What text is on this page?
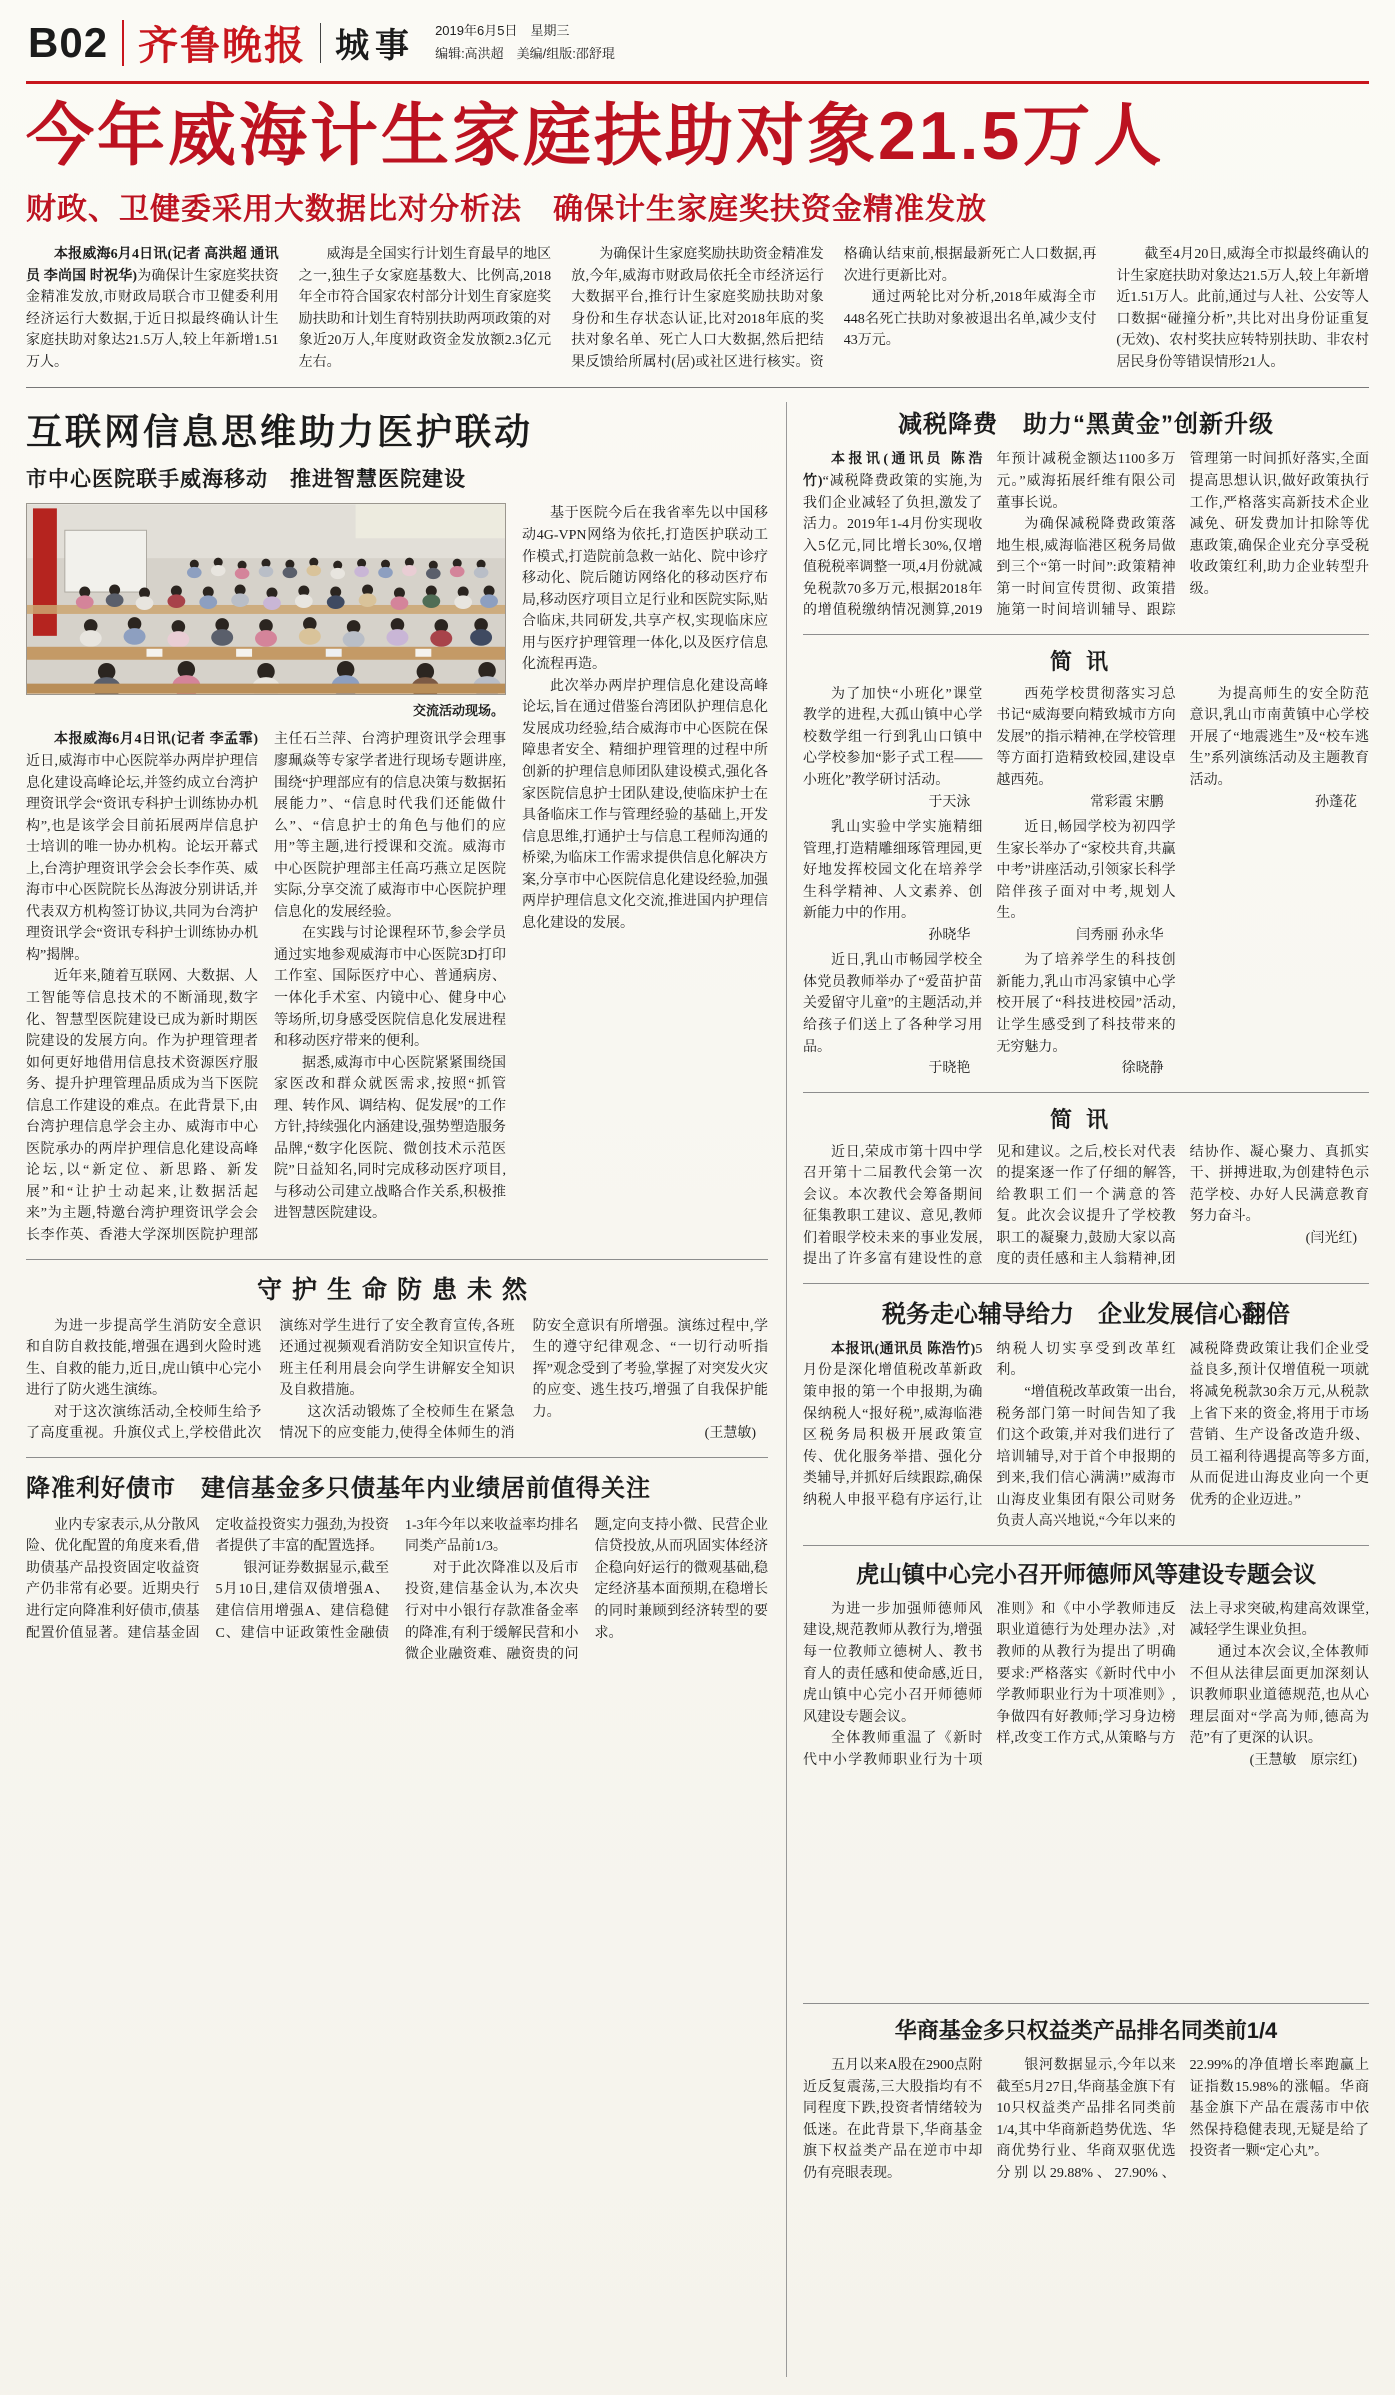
B02 齐鲁晚报 城事 2019年6月5日　星期三
编辑:高洪超　美编/组版:邵舒琨
今年威海计生家庭扶助对象21.5万人
财政、卫健委采用大数据比对分析法　确保计生家庭奖扶资金精准发放

本报威海6月4日讯(记者 高洪超 通讯员 李尚国 时祝华)为确保计生家庭奖扶资金精准发放,市财政局联合市卫健委利用经济运行大数据,于近日拟最终确认计生家庭扶助对象达21.5万人,较上年新增1.51万人。

威海是全国实行计划生育最早的地区之一,独生子女家庭基数大、比例高,2018年全市符合国家农村部分计划生育家庭奖励扶助和计划生育特别扶助两项政策的对象近20万人,年度财政资金发放额2.3亿元左右。

为确保计生家庭奖励扶助资金精准发放,今年,威海市财政局依托全市经济运行大数据平台,推行计生家庭奖励扶助对象身份和生存状态认证,比对2018年底的奖扶对象名单、死亡人口大数据,然后把结果反馈给所属村(居)或社区进行核实。资格确认结束前,根据最新死亡人口数据,再次进行更新比对。

通过两轮比对分析,2018年威海全市448名死亡扶助对象被退出名单,减少支付43万元。

截至4月20日,威海全市拟最终确认的计生家庭扶助对象达21.5万人,较上年新增近1.51万人。此前,通过与人社、公安等人口数据“碰撞分析”,共比对出身份证重复(无效)、农村奖扶应转特别扶助、非农村居民身份等错误情形21人。

互联网信息思维助力医护联动
市中心医院联手威海移动　推进智慧医院建设
交流活动现场。

本报威海6月4日讯(记者 李孟霏)近日,威海市中心医院举办两岸护理信息化建设高峰论坛,并签约成立台湾护理资讯学会“资讯专科护士训练协办机构”,也是该学会目前拓展两岸信息护士培训的唯一协办机构。论坛开幕式上,台湾护理资讯学会会长李作英、威海市中心医院院长丛海波分别讲话,并代表双方机构签订协议,共同为台湾护理资讯学会“资讯专科护士训练协办机构”揭牌。

近年来,随着互联网、大数据、人工智能等信息技术的不断涌现,数字化、智慧型医院建设已成为新时期医院建设的发展方向。作为护理管理者如何更好地借用信息技术资源医疗服务、提升护理管理品质成为当下医院信息工作建设的难点。在此背景下,由台湾护理信息学会主办、威海市中心医院承办的两岸护理信息化建设高峰论坛,以“新定位、新思路、新发展”和“让护士动起来,让数据活起来”为主题,特邀台湾护理资讯学会会长李作英、香港大学深圳医院护理部主任石兰萍、台湾护理资讯学会理事廖珮焱等专家学者进行现场专题讲座,围绕“护理部应有的信息决策与数据拓展能力”、“信息时代我们还能做什么”、“信息护士的角色与他们的应用”等主题,进行授课和交流。威海市中心医院护理部主任高巧燕立足医院实际,分享交流了威海市中心医院护理信息化的发展经验。

在实践与讨论课程环节,参会学员通过实地参观威海市中心医院3D打印工作室、国际医疗中心、普通病房、一体化手术室、内镜中心、健身中心等场所,切身感受医院信息化发展进程和移动医疗带来的便利。

据悉,威海市中心医院紧紧围绕国家医改和群众就医需求,按照“抓管理、转作风、调结构、促发展”的工作方针,持续强化内涵建设,强势塑造服务品牌,“数字化医院、微创技术示范医院”日益知名,同时完成移动医疗项目,与移动公司建立战略合作关系,积极推进智慧医院建设。

基于医院今后在我省率先以中国移动4G-VPN网络为依托,打造医护联动工作模式,打造院前急救一站化、院中诊疗移动化、院后随访网络化的移动医疗布局,移动医疗项目立足行业和医院实际,贴合临床,共同研发,共享产权,实现临床应用与医疗护理管理一体化,以及医疗信息化流程再造。

此次举办两岸护理信息化建设高峰论坛,旨在通过借鉴台湾团队护理信息化发展成功经验,结合威海市中心医院在保障患者安全、精细护理管理的过程中所创新的护理信息师团队建设模式,强化各家医院信息护士团队建设,使临床护士在具备临床工作与管理经验的基础上,开发信息思维,打通护士与信息工程师沟通的桥梁,为临床工作需求提供信息化解决方案,分享市中心医院信息化建设经验,加强两岸护理信息文化交流,推进国内护理信息化建设的发展。

守护生命防患未然

为进一步提高学生消防安全意识和自防自救技能,增强在遇到火险时逃生、自救的能力,近日,虎山镇中心完小进行了防火逃生演练。

对于这次演练活动,全校师生给予了高度重视。升旗仪式上,学校借此次演练对学生进行了安全教育宣传,各班还通过视频观看消防安全知识宣传片,班主任利用晨会向学生讲解安全知识及自救措施。

这次活动锻炼了全校师生在紧急情况下的应变能力,使得全体师生的消防安全意识有所增强。演练过程中,学生的遵守纪律观念、“一切行动听指挥”观念受到了考验,掌握了对突发火灾的应变、逃生技巧,增强了自我保护能力。

(王慧敏)
降准利好债市　建信基金多只债基年内业绩居前值得关注

业内专家表示,从分散风险、优化配置的角度来看,借助债基产品投资固定收益资产仍非常有必要。近期央行进行定向降准利好债市,债基配置价值显著。建信基金固定收益投资实力强劲,为投资者提供了丰富的配置选择。

银河证券数据显示,截至5月10日,建信双债增强A、建信信用增强A、建信稳健C、建信中证政策性金融债1-3年今年以来收益率均排名同类产品前1/3。

对于此次降准以及后市投资,建信基金认为,本次央行对中小银行存款准备金率的降准,有利于缓解民营和小微企业融资难、融资贵的问题,定向支持小微、民营企业信贷投放,从而巩固实体经济企稳向好运行的微观基础,稳定经济基本面预期,在稳增长的同时兼顾到经济转型的要求。

减税降费　助力“黑黄金”创新升级

本报讯(通讯员 陈浩竹)“减税降费政策的实施,为我们企业减轻了负担,激发了活力。2019年1-4月份实现收入5亿元,同比增长30%,仅增值税税率调整一项,4月份就减免税款70多万元,根据2018年的增值税缴纳情况测算,2019年预计减税金额达1100多万元。”威海拓展纤维有限公司董事长说。

为确保减税降费政策落地生根,威海临港区税务局做到三个“第一时间”:政策精神第一时间宣传贯彻、政策措施第一时间培训辅导、跟踪管理第一时间抓好落实,全面提高思想认识,做好政策执行工作,严格落实高新技术企业减免、研发费加计扣除等优惠政策,确保企业充分享受税收政策红利,助力企业转型升级。

简讯

为了加快“小班化”课堂教学的进程,大孤山镇中心学校数学组一行到乳山口镇中心学校参加“影子式工程——小班化”教学研讨活动。

于天泳

乳山实验中学实施精细管理,打造精雕细琢管理园,更好地发挥校园文化在培养学生科学精神、人文素养、创新能力中的作用。

孙晓华

近日,乳山市畅园学校全体党员教师举办了“爱苗护苗关爱留守儿童”的主题活动,并给孩子们送上了各种学习用品。

于晓艳

西苑学校贯彻落实习总书记“威海要向精致城市方向发展”的指示精神,在学校管理等方面打造精致校园,建设卓越西苑。

常彩霞 宋鹏

近日,畅园学校为初四学生家长举办了“家校共育,共赢中考”讲座活动,引领家长科学陪伴孩子面对中考,规划人生。

闫秀丽 孙永华

为了培养学生的科技创新能力,乳山市冯家镇中心学校开展了“科技进校园”活动,让学生感受到了科技带来的无穷魅力。

徐晓静

为提高师生的安全防范意识,乳山市南黄镇中心学校开展了“地震逃生”及“校车逃生”系列演练活动及主题教育活动。

孙蓬花
简讯

近日,荣成市第十四中学召开第十二届教代会第一次会议。本次教代会筹备期间征集教职工建议、意见,教师们着眼学校未来的事业发展,提出了许多富有建设性的意见和建议。之后,校长对代表的提案逐一作了仔细的解答,给教职工们一个满意的答复。此次会议提升了学校教职工的凝聚力,鼓励大家以高度的责任感和主人翁精神,团结协作、凝心聚力、真抓实干、拼搏进取,为创建特色示范学校、办好人民满意教育努力奋斗。

(闫光红)
税务走心辅导给力　企业发展信心翻倍

本报讯(通讯员 陈浩竹)5月份是深化增值税改革新政策申报的第一个申报期,为确保纳税人“报好税”,威海临港区税务局积极开展政策宣传、优化服务举措、强化分类辅导,并抓好后续跟踪,确保纳税人申报平稳有序运行,让纳税人切实享受到改革红利。

“增值税改革政策一出台,税务部门第一时间告知了我们这个政策,并对我们进行了培训辅导,对于首个申报期的到来,我们信心满满!”威海市山海皮业集团有限公司财务负责人高兴地说,“今年以来的减税降费政策让我们企业受益良多,预计仅增值税一项就将减免税款30余万元,从税款上省下来的资金,将用于市场营销、生产设备改造升级、员工福利待遇提高等多方面,从而促进山海皮业向一个更优秀的企业迈进。”

虎山镇中心完小召开师德师风等建设专题会议

为进一步加强师德师风建设,规范教师从教行为,增强每一位教师立德树人、教书育人的责任感和使命感,近日,虎山镇中心完小召开师德师风建设专题会议。

全体教师重温了《新时代中小学教师职业行为十项准则》和《中小学教师违反职业道德行为处理办法》,对教师的从教行为提出了明确要求:严格落实《新时代中小学教师职业行为十项准则》,争做四有好教师;学习身边榜样,改变工作方式,从策略与方法上寻求突破,构建高效课堂,减轻学生课业负担。

通过本次会议,全体教师不但从法律层面更加深刻认识教师职业道德规范,也从心理层面对“学高为师,德高为范”有了更深的认识。

(王慧敏　原宗红)
华商基金多只权益类产品排名同类前1/4

五月以来A股在2900点附近反复震荡,三大股指均有不同程度下跌,投资者情绪较为低迷。在此背景下,华商基金旗下权益类产品在逆市中却仍有亮眼表现。

银河数据显示,今年以来截至5月27日,华商基金旗下有10只权益类产品排名同类前1/4,其中华商新趋势优选、华商优势行业、华商双驱优选分别以29.88%、27.90%、22.99%的净值增长率跑赢上证指数15.98%的涨幅。华商基金旗下产品在震荡市中依然保持稳健表现,无疑是给了投资者一颗“定心丸”。
